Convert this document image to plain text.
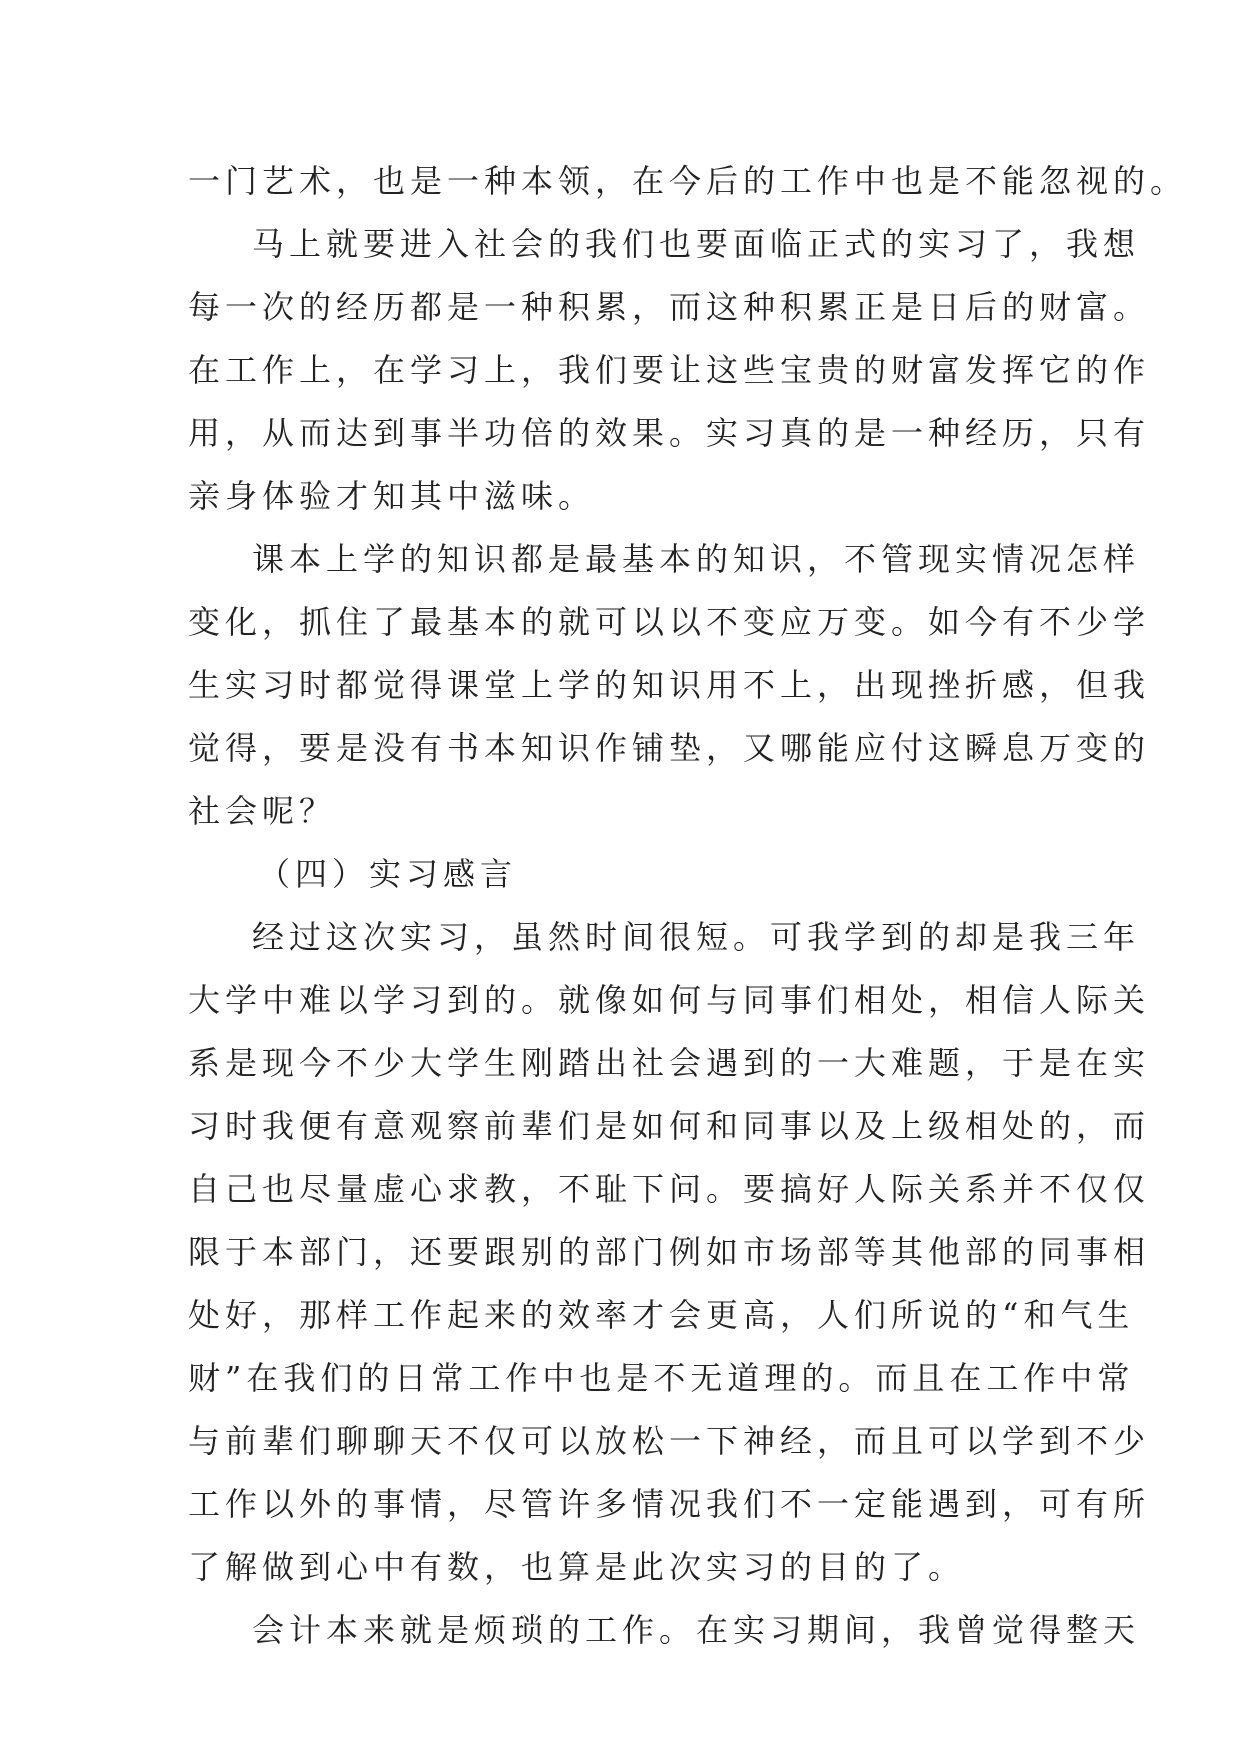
一门艺术，也是一种本领，在今后的工作中也是不能忽视的。
马上就要进入社会的我们也要面临正式的实习了，我想
每一次的经历都是一种积累，而这种积累正是日后的财富。
在工作上，在学习上，我们要让这些宝贵的财富发挥它的作
用，从而达到事半功倍的效果。实习真的是一种经历，只有
亲身体验才知其中滋味。
课本上学的知识都是最基本的知识，不管现实情况怎样
变化，抓住了最基本的就可以以不变应万变。如今有不少学
生实习时都觉得课堂上学的知识用不上，出现挫折感，但我
觉得，要是没有书本知识作铺垫，又哪能应付这瞬息万变的
社会呢？
（四）实习感言
经过这次实习，虽然时间很短。可我学到的却是我三年
大学中难以学习到的。就像如何与同事们相处，相信人际关
系是现今不少大学生刚踏出社会遇到的一大难题，于是在实
习时我便有意观察前辈们是如何和同事以及上级相处的，而
自己也尽量虚心求教，不耻下问。要搞好人际关系并不仅仅
限于本部门，还要跟别的部门例如市场部等其他部的同事相
处好，那样工作起来的效率才会更高，人们所说的“和气生
财”在我们的日常工作中也是不无道理的。而且在工作中常
与前辈们聊聊天不仅可以放松一下神经，而且可以学到不少
工作以外的事情，尽管许多情况我们不一定能遇到，可有所
了解做到心中有数，也算是此次实习的目的了。
会计本来就是烦琐的工作。在实习期间，我曾觉得整天
